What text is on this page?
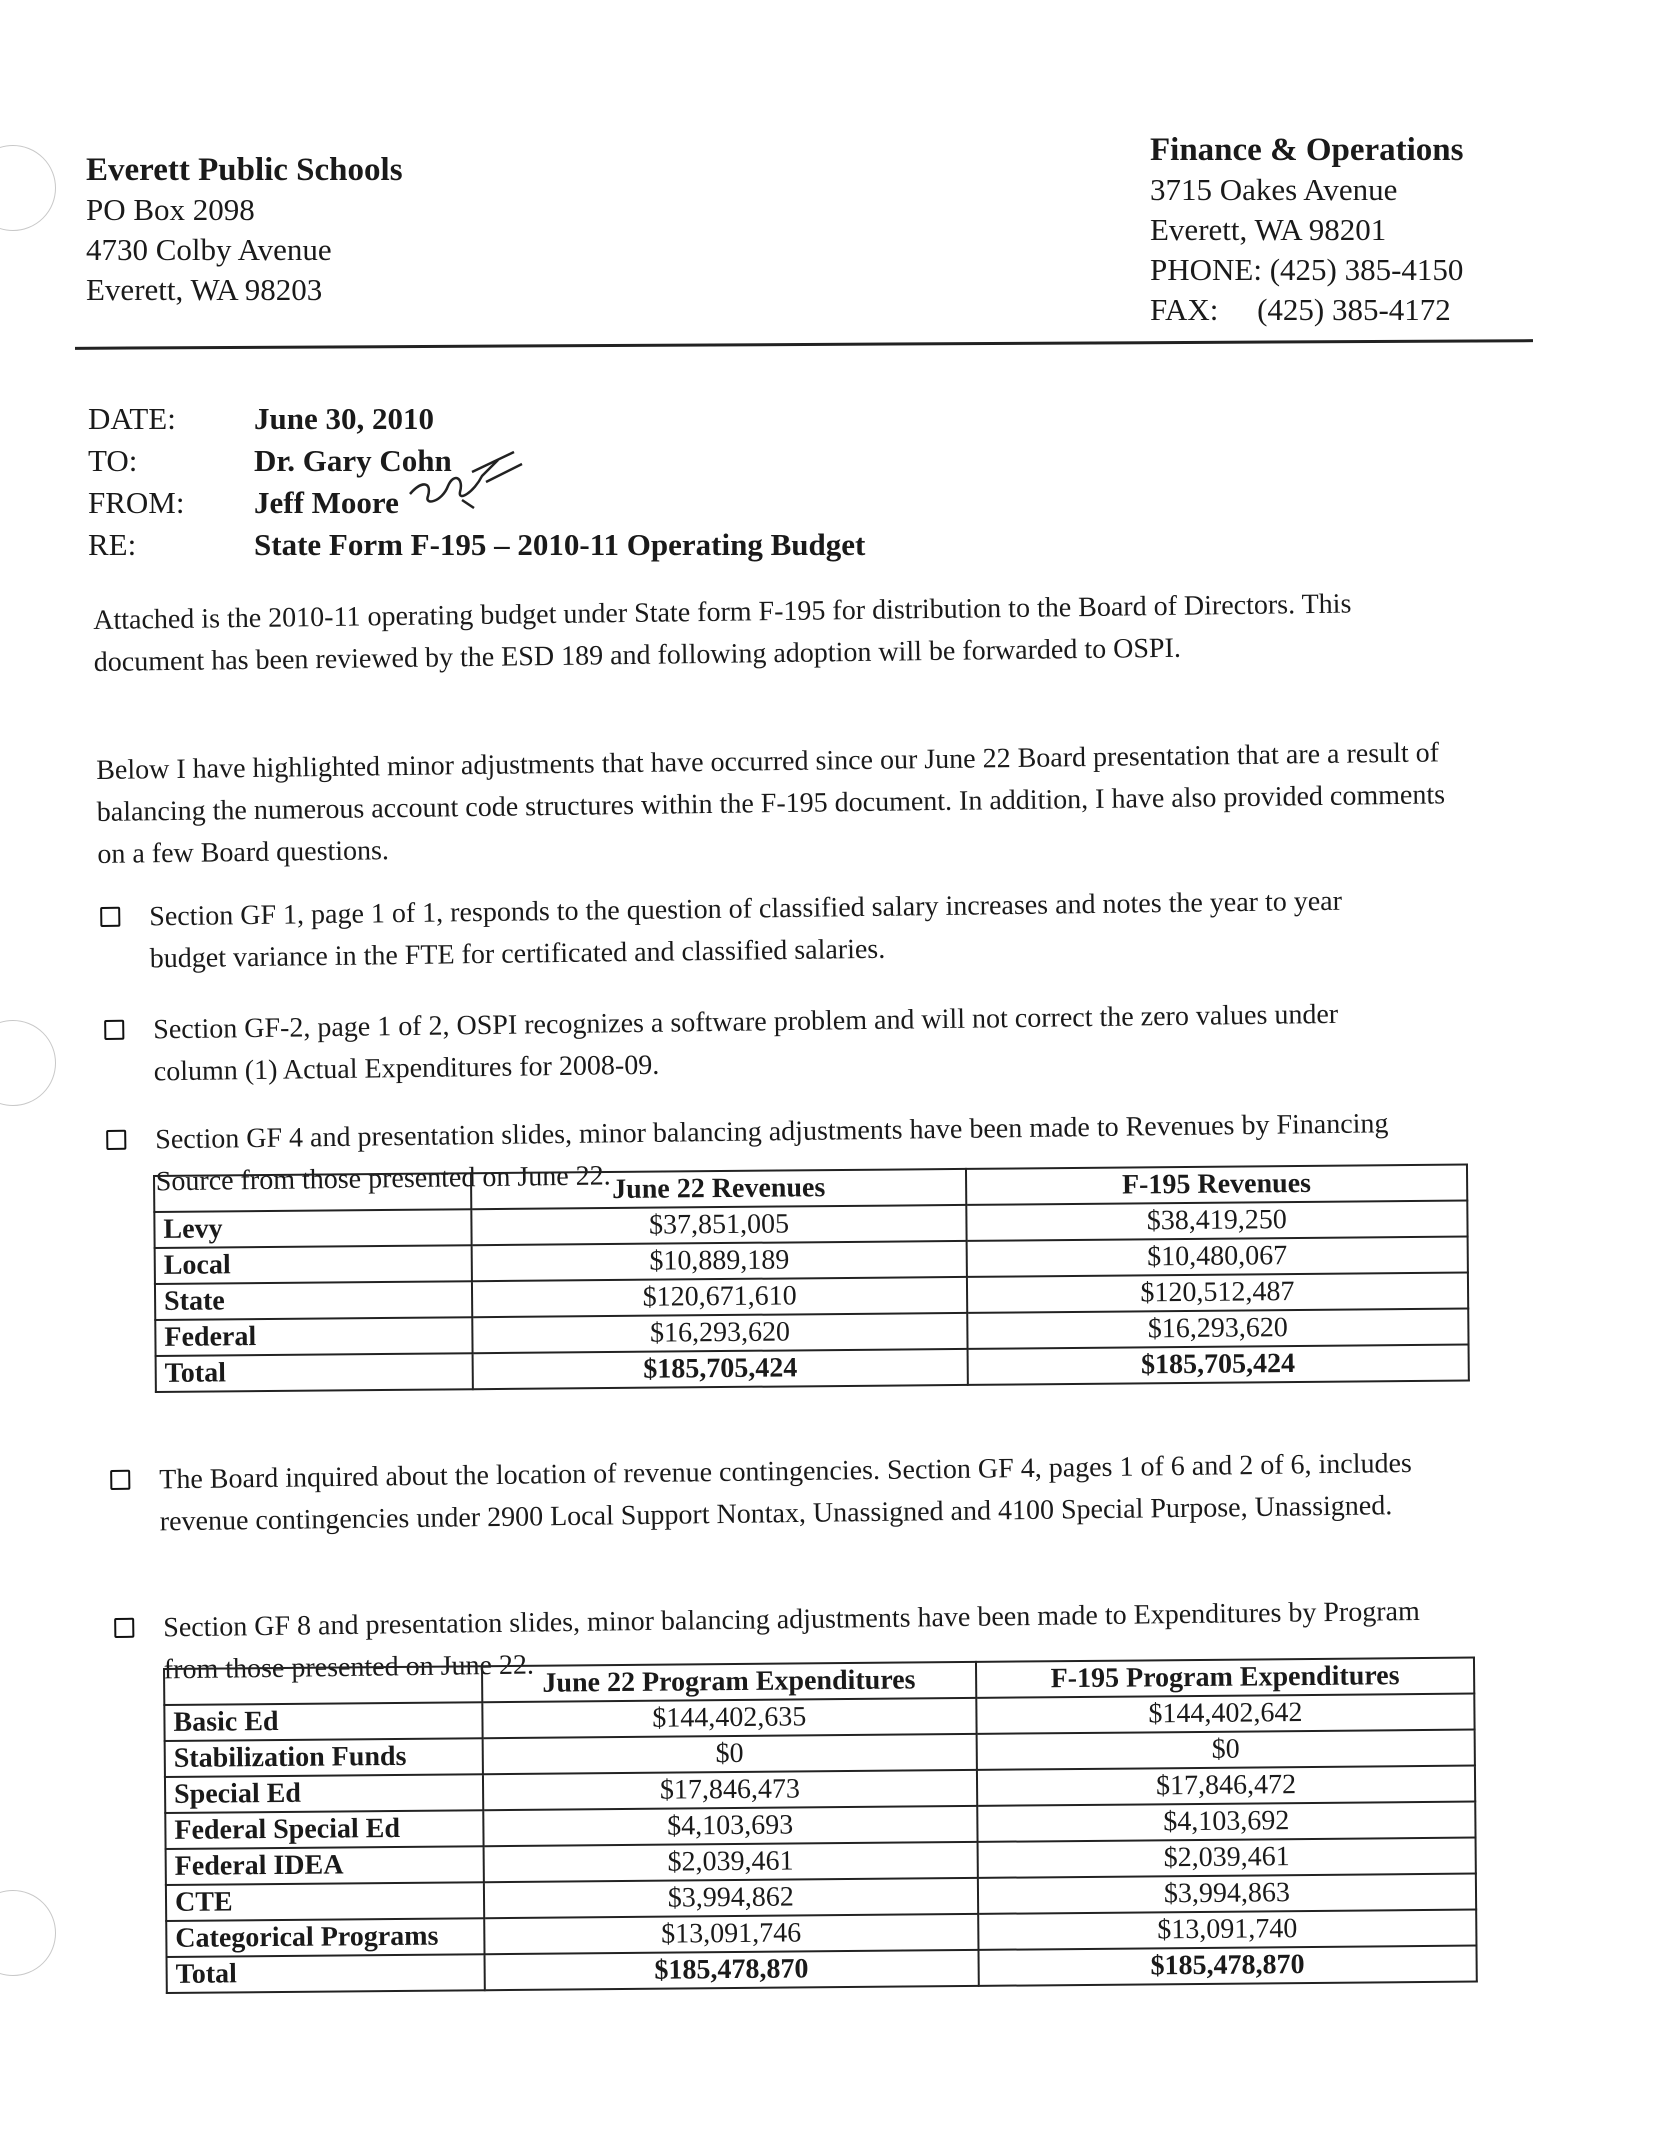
Everett Public Schools
PO Box 2098
4730 Colby Avenue
Everett, WA 98203
Finance & Operations
3715 Oakes Avenue
Everett, WA 98201
PHONE: (425) 385-4150
FAX:     (425) 385-4172
DATE:	June 30, 2010
TO:	Dr. Gary Cohn
FROM:	Jeff Moore
RE:	State Form F-195 – 2010-11 Operating Budget

Attached is the 2010-11 operating budget under State form F-195 for distribution to the Board of Directors. This document has been reviewed by the ESD 189 and following adoption will be forwarded to OSPI.

Below I have highlighted minor adjustments that have occurred since our June 22 Board presentation that are a result of balancing the numerous account code structures within the F-195 document. In addition, I have also provided comments on a few Board questions.

Section GF 1, page 1 of 1, responds to the question of classified salary increases and notes the year to year budget variance in the FTE for certificated and classified salaries.

Section GF-2, page 1 of 2, OSPI recognizes a software problem and will not correct the zero values under column (1) Actual Expenditures for 2008-09.

Section GF 4 and presentation slides, minor balancing adjustments have been made to Revenues by Financing Source from those presented on June 22.

	June 22 Revenues	F-195 Revenues
Levy	$37,851,005	$38,419,250
Local	$10,889,189	$10,480,067
State	$120,671,610	$120,512,487
Federal	$16,293,620	$16,293,620
Total	$185,705,424	$185,705,424

The Board inquired about the location of revenue contingencies. Section GF 4, pages 1 of 6 and 2 of 6, includes revenue contingencies under 2900 Local Support Nontax, Unassigned and 4100 Special Purpose, Unassigned.

Section GF 8 and presentation slides, minor balancing adjustments have been made to Expenditures by Program from those presented on June 22.

	June 22 Program Expenditures	F-195 Program Expenditures
Basic Ed	$144,402,635	$144,402,642
Stabilization Funds	$0	$0
Special Ed	$17,846,473	$17,846,472
Federal Special Ed	$4,103,693	$4,103,692
Federal IDEA	$2,039,461	$2,039,461
CTE	$3,994,862	$3,994,863
Categorical Programs	$13,091,746	$13,091,740
Total	$185,478,870	$185,478,870
